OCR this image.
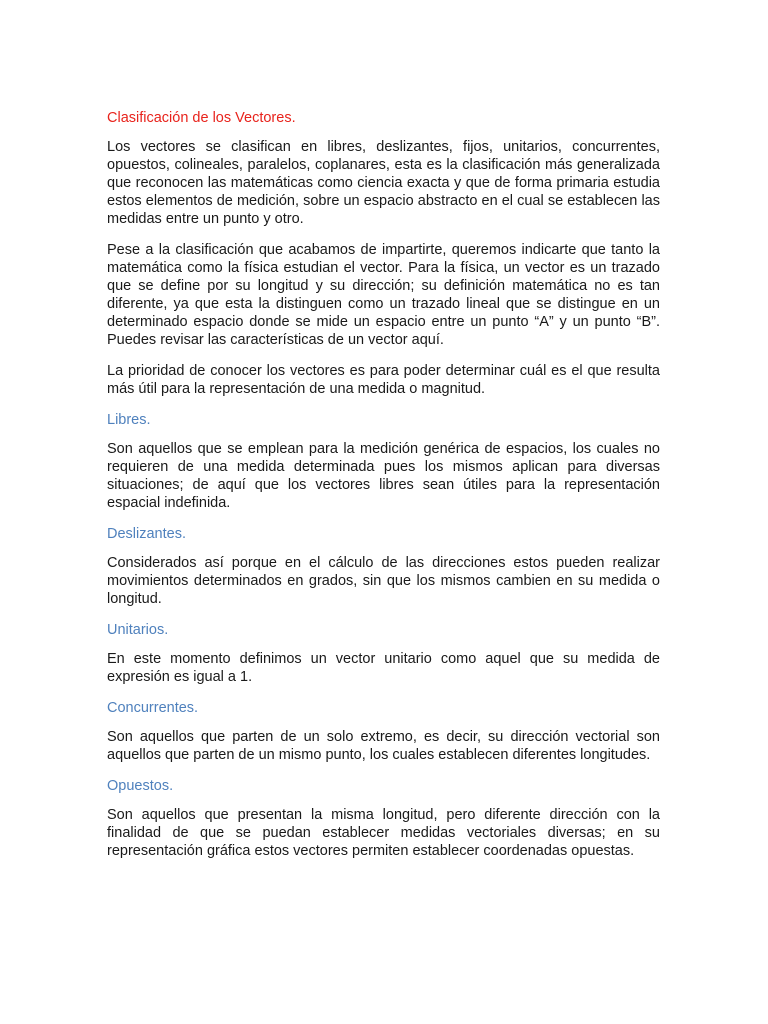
Clasificación de los Vectores.

Los vectores se clasifican en libres, deslizantes, fijos, unitarios, concurrentes, opuestos, colineales, paralelos, coplanares, esta es la clasificación más generalizada que reconocen las matemáticas como ciencia exacta y que de forma primaria estudia estos elementos de medición, sobre un espacio abstracto en el cual se establecen las medidas entre un punto y otro.

Pese a la clasificación que acabamos de impartirte, queremos indicarte que tanto la matemática como la física estudian el vector. Para la física, un vector es un trazado que se define por su longitud y su dirección; su definición matemática no es tan diferente, ya que esta la distinguen como un trazado lineal que se distingue en un determinado espacio donde se mide un espacio entre un punto “A” y un punto “B”. Puedes revisar las características de un vector aquí.

La prioridad de conocer los vectores es para poder determinar cuál es el que resulta más útil para la representación de una medida o magnitud.

Libres.

Son aquellos que se emplean para la medición genérica de espacios, los cuales no requieren de una medida determinada pues los mismos aplican para diversas situaciones; de aquí que los vectores libres sean útiles para la representación espacial indefinida.

Deslizantes.

Considerados así porque en el cálculo de las direcciones estos pueden realizar movimientos determinados en grados, sin que los mismos cambien en su medida o longitud.

Unitarios.

En este momento definimos un vector unitario como aquel que su medida de expresión es igual a 1.

Concurrentes.

Son aquellos que parten de un solo extremo, es decir, su dirección vectorial son aquellos que parten de un mismo punto, los cuales establecen diferentes longitudes.

Opuestos.

Son aquellos que presentan la misma longitud, pero diferente dirección con la finalidad de que se puedan establecer medidas vectoriales diversas; en su representación gráfica estos vectores permiten establecer coordenadas opuestas.
